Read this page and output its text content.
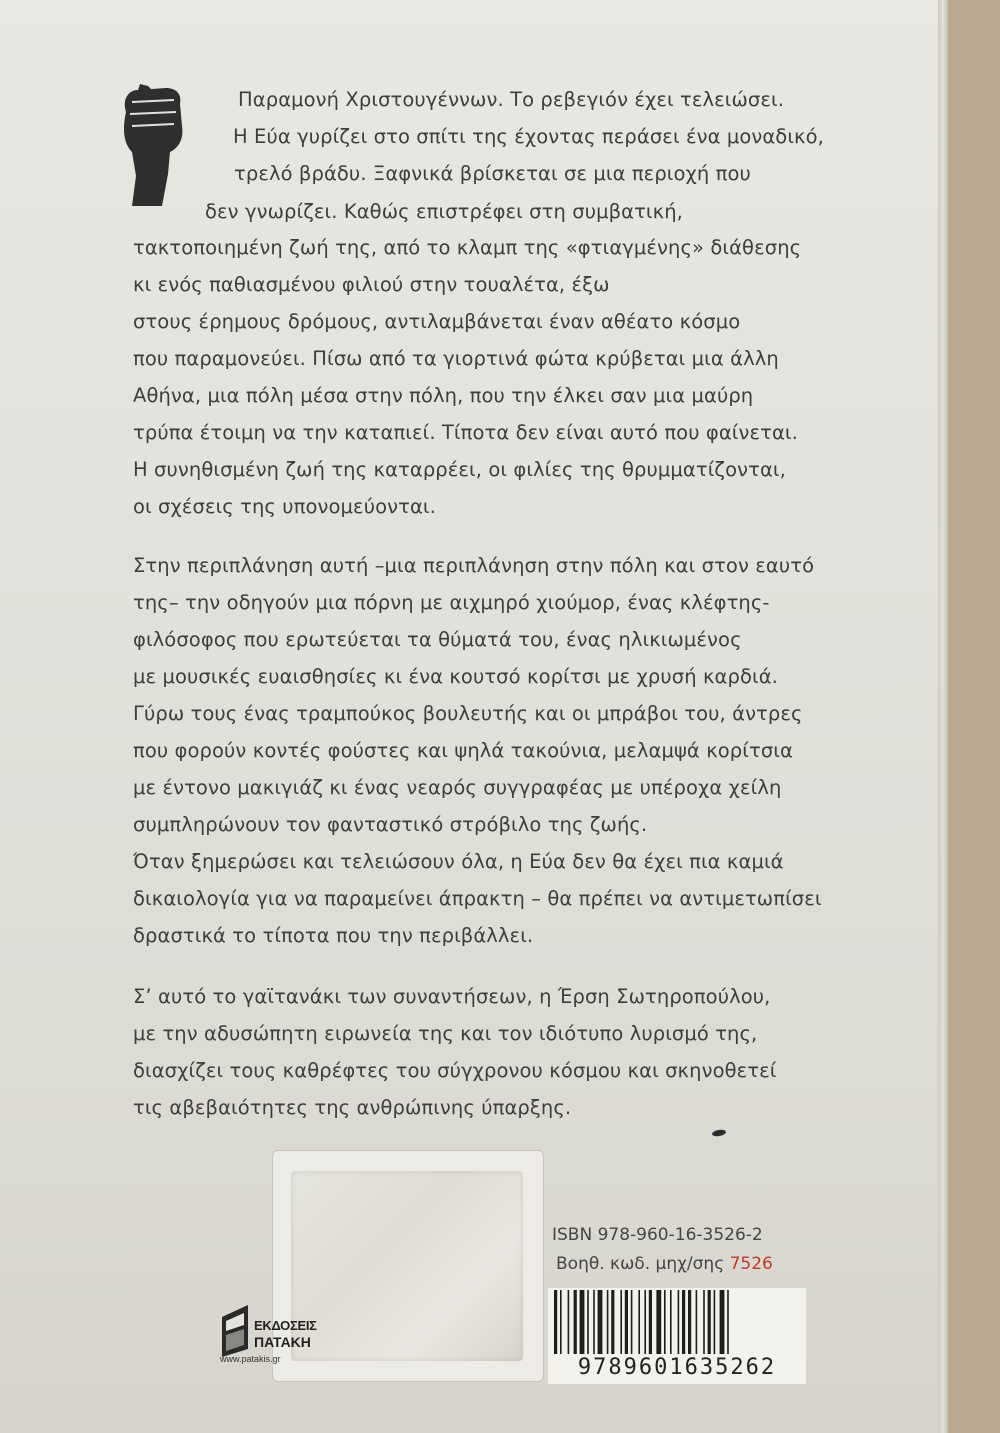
Παραμονή Χριστουγέννων. Το ρεβεγιόν έχει τελειώσει.
Η Εύα γυρίζει στο σπίτι της έχοντας περάσει ένα μοναδικό,
τρελό βράδυ. Ξαφνικά βρίσκεται σε μια περιοχή που
δεν γνωρίζει. Καθώς επιστρέφει στη συμβατική,
τακτοποιημένη ζωή της, από το κλαμπ της «φτιαγμένης» διάθεσης
κι ενός παθιασμένου φιλιού στην τουαλέτα, έξω
στους έρημους δρόμους, αντιλαμβάνεται έναν αθέατο κόσμο
που παραμονεύει. Πίσω από τα γιορτινά φώτα κρύβεται μια άλλη
Αθήνα, μια πόλη μέσα στην πόλη, που την έλκει σαν μια μαύρη
τρύπα έτοιμη να την καταπιεί. Τίποτα δεν είναι αυτό που φαίνεται.
Η συνηθισμένη ζωή της καταρρέει, οι φιλίες της θρυμματίζονται,
οι σχέσεις της υπονομεύονται.
Στην περιπλάνηση αυτή –μια περιπλάνηση στην πόλη και στον εαυτό
της– την οδηγούν μια πόρνη με αιχμηρό χιούμορ, ένας κλέφτης-
φιλόσοφος που ερωτεύεται τα θύματά του, ένας ηλικιωμένος
με μουσικές ευαισθησίες κι ένα κουτσό κορίτσι με χρυσή καρδιά.
Γύρω τους ένας τραμπούκος βουλευτής και οι μπράβοι του, άντρες
που φορούν κοντές φούστες και ψηλά τακούνια, μελαμψά κορίτσια
με έντονο μακιγιάζ κι ένας νεαρός συγγραφέας με υπέροχα χείλη
συμπληρώνουν τον φανταστικό στρόβιλο της ζωής.
Όταν ξημερώσει και τελειώσουν όλα, η Εύα δεν θα έχει πια καμιά
δικαιολογία για να παραμείνει άπρακτη – θα πρέπει να αντιμετωπίσει
δραστικά το τίποτα που την περιβάλλει.
Σ’ αυτό το γαϊτανάκι των συναντήσεων, η Έρση Σωτηροπούλου,
με την αδυσώπητη ειρωνεία της και τον ιδιότυπο λυρισμό της,
διασχίζει τους καθρέφτες του σύγχρονου κόσμου και σκηνοθετεί
τις αβεβαιότητες της ανθρώπινης ύπαρξης.
ISBN 978-960-16-3526-2
Βοηθ. κωδ. μηχ/σης 7526
9789601635262
ΕΚΔΟΣΕΙΣ
ΠΑΤΑΚΗ
www.patakis.gr
